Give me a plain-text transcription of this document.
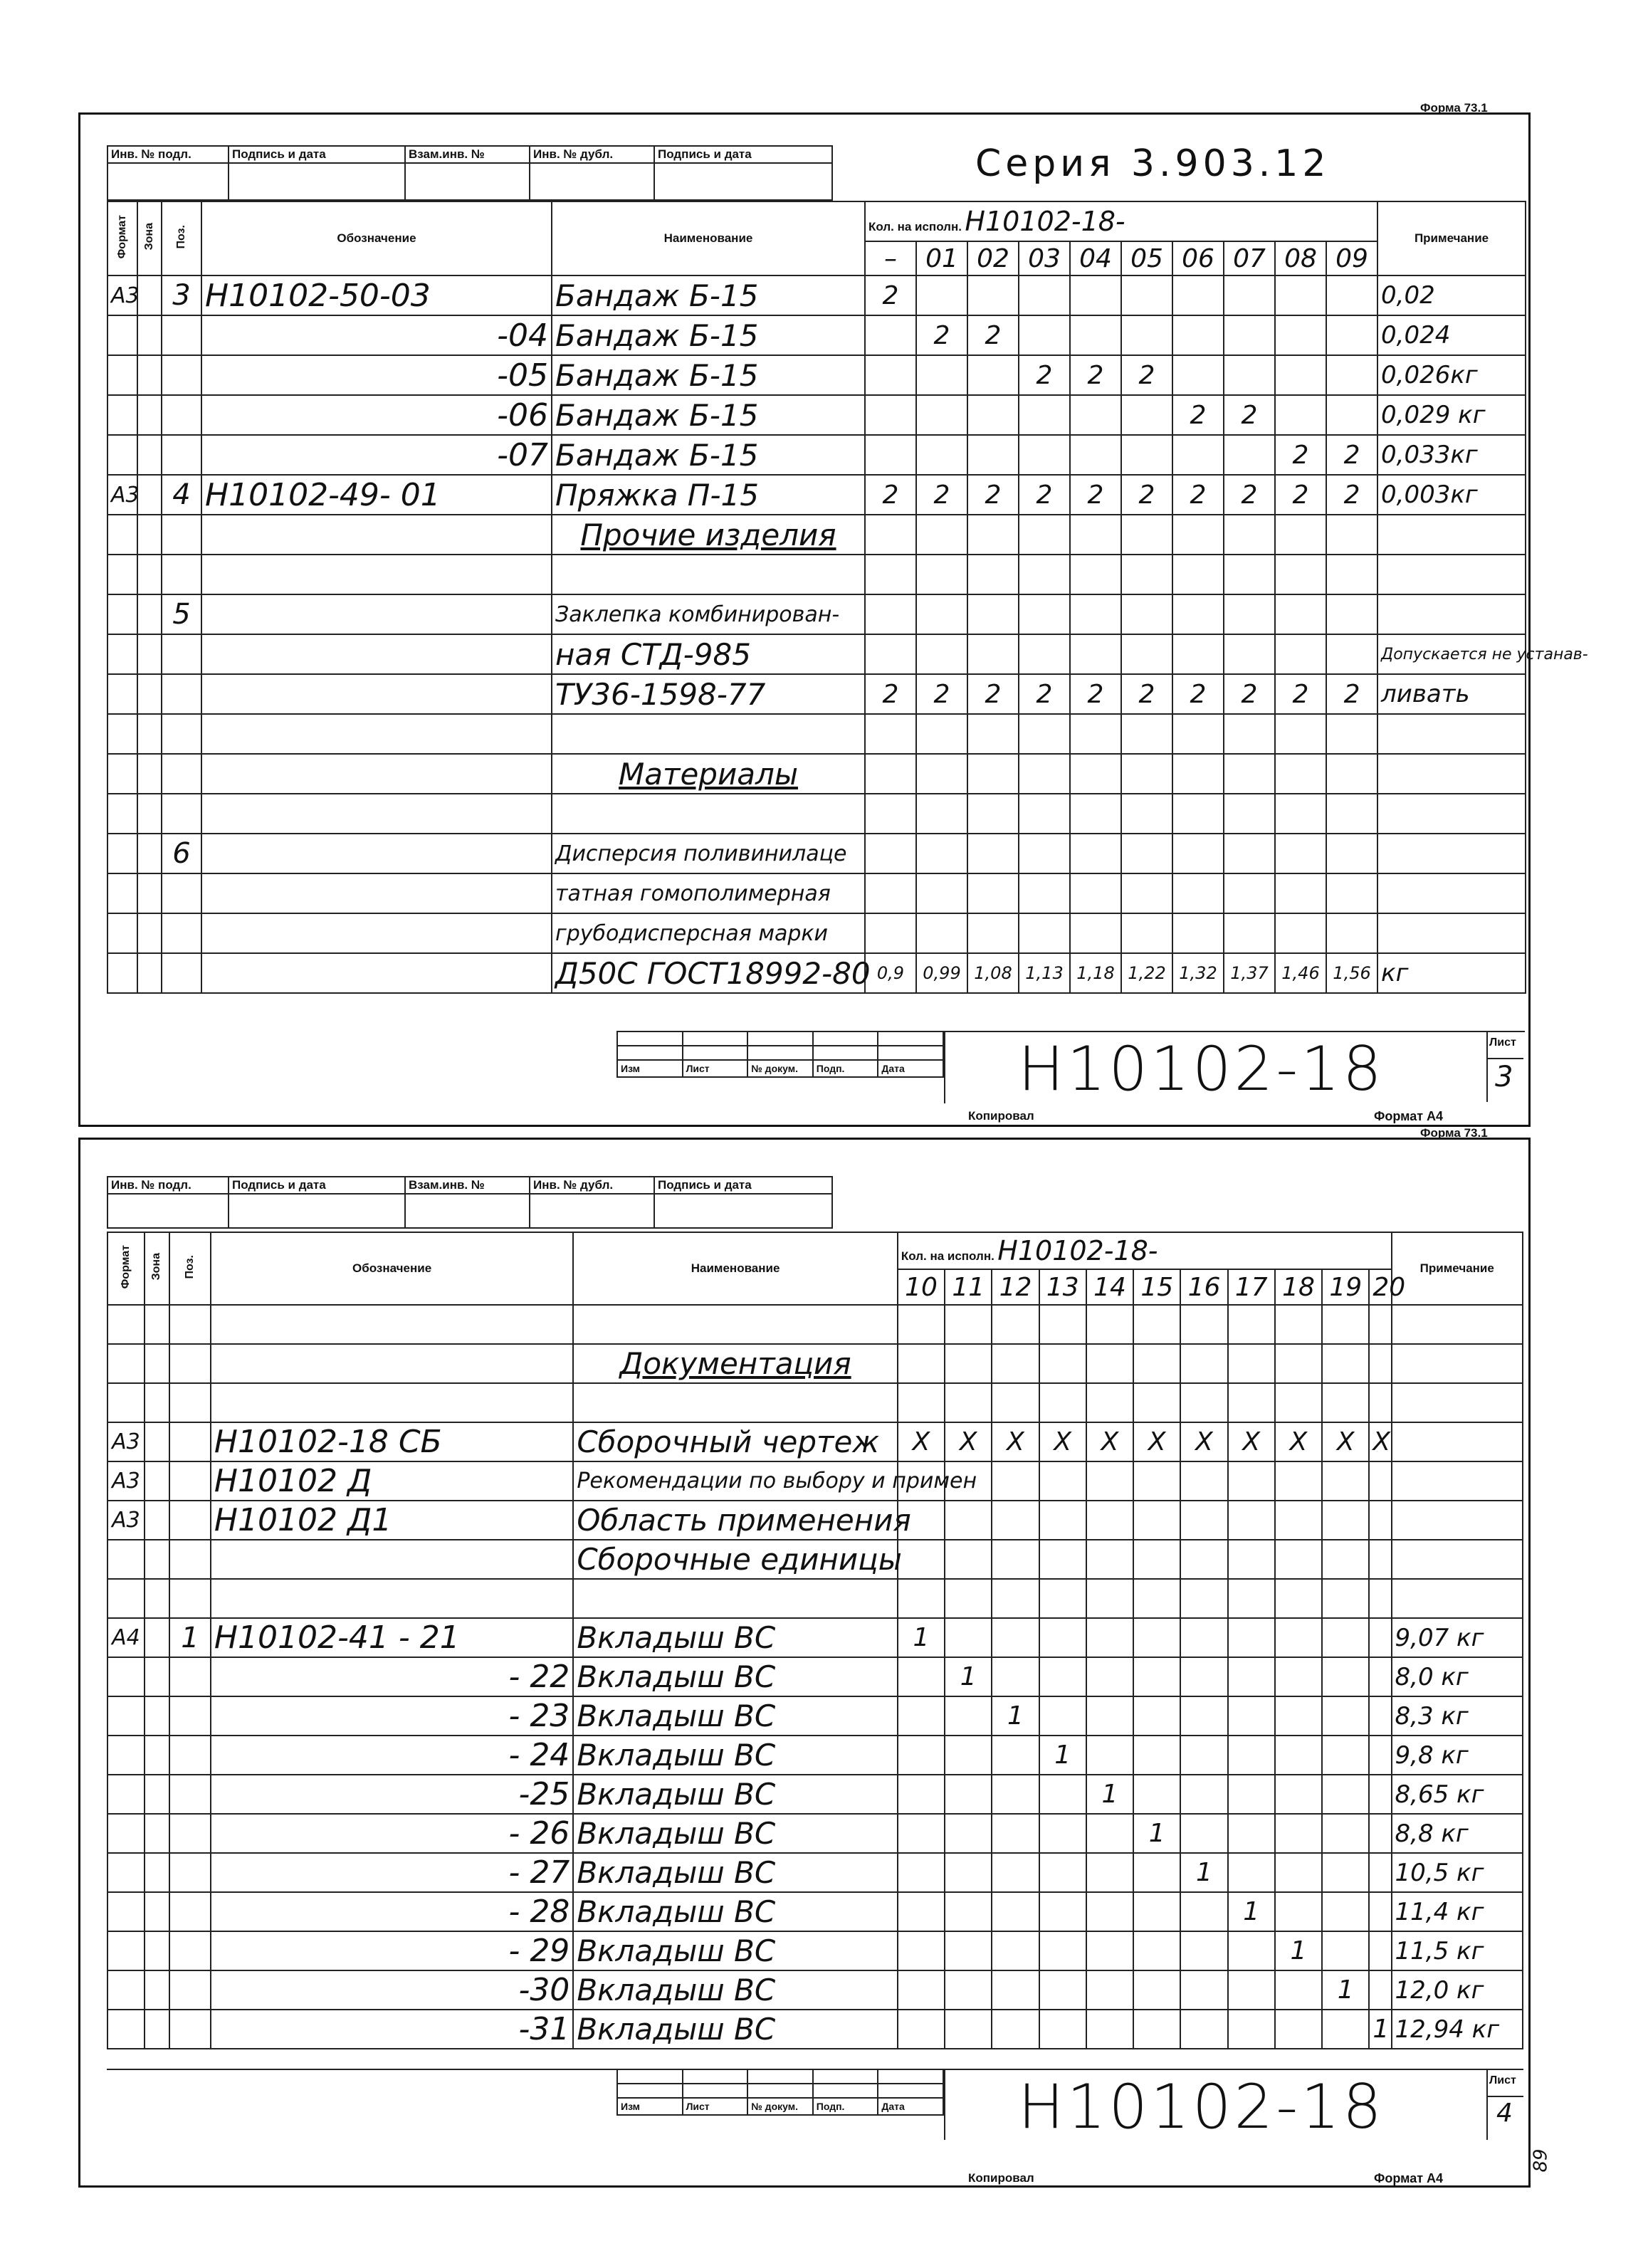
Форма 73.1
Инв. № подл.	Подпись и дата	Взам.инв. №	Инв. № дубл.	Подпись и дата
					Серия 3.903.12
Формат	Зона	Поз.	Обозначение	Наименование	Кол. на исполн. Н10102-18-										Примечание
					–	01	02	03	04	05	06	07	08	09	
А3		3	Н10102-50-03	Бандаж Б-15	2										0,02
			-04	Бандаж Б-15		2	2								0,024
			-05	Бандаж Б-15				2	2	2					0,026кг
			-06	Бандаж Б-15							2	2			0,029 кг
			-07	Бандаж Б-15									2	2	0,033кг
А3		4	Н10102-49- 01	Пряжка П-15	2	2	2	2	2	2	2	2	2	2	0,003кг
				Прочие изделия											

		5		Заклепка комбинирован-											
				ная СТД-985											Допускается не устанав-
				ТУ36-1598-77	2	2	2	2	2	2	2	2	2	2	ливать

				Материалы											

		6		Дисперсия поливинилаце											
				татная гомополимерная											
				грубодисперсная марки											
				Д50С ГОСТ18992-80	0,9	0,99	1,08	1,13	1,18	1,22	1,32	1,37	1,46	1,56	кг

Изм	Лист	№ докум.	Подп.	Дата Н10102-18	Лист
3
Копировал	Формат А4
Форма 73.1
Инв. № подл.	Подпись и дата	Взам.инв. №	Инв. № дубл.	Подпись и дата

Формат	Зона	Поз.	Обозначение	Наименование	Кол. на исполн. Н10102-18-											Примечание
					10	11	12	13	14	15	16	17	18	19	20	

				Документация												

А3			Н10102-18 СБ	Сборочный чертеж	X	X	X	X	X	X	X	X	X	X	X	
А3			Н10102 Д	Рекомендации по выбору и примен												
А3			Н10102 Д1	Область применения												
				Сборочные единицы												

А4		1	Н10102-41 - 21	Вкладыш ВС	1											9,07 кг
			- 22	Вкладыш ВС		1										8,0 кг
			- 23	Вкладыш ВС			1									8,3 кг
			- 24	Вкладыш ВС				1								9,8 кг
			-25	Вкладыш ВС					1							8,65 кг
			- 26	Вкладыш ВС						1						8,8 кг
			- 27	Вкладыш ВС							1					10,5 кг
			- 28	Вкладыш ВС								1				11,4 кг
			- 29	Вкладыш ВС									1			11,5 кг
			-30	Вкладыш ВС										1		12,0 кг
			-31	Вкладыш ВС											1	12,94 кг

Изм	Лист	№ докум.	Подп.	Дата Н10102-18	Лист
4
Копировал	Формат А4
89
